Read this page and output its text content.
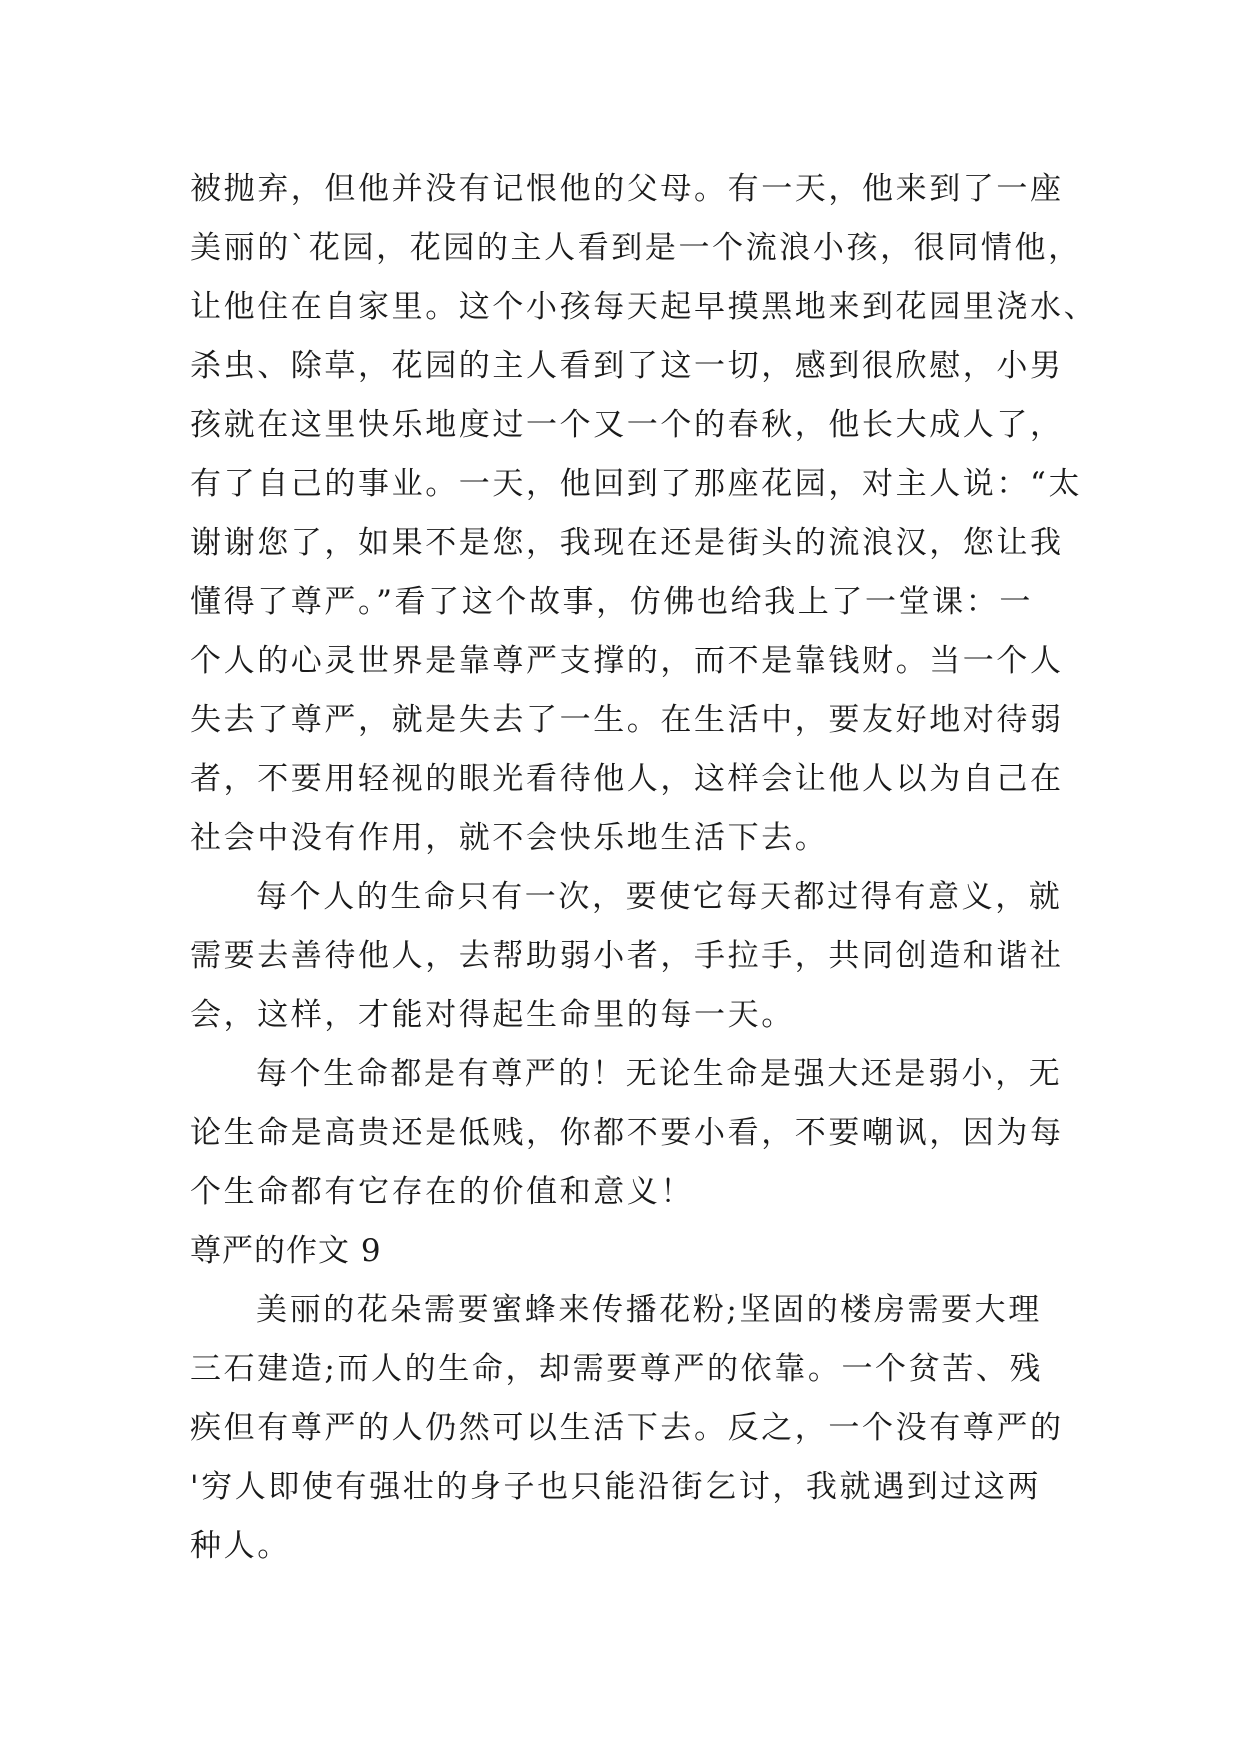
被抛弃，但他并没有记恨他的父母。有一天，他来到了一座
美丽的`花园，花园的主人看到是一个流浪小孩，很同情他，
让他住在自家里。这个小孩每天起早摸黑地来到花园里浇水、
杀虫、除草，花园的主人看到了这一切，感到很欣慰，小男
孩就在这里快乐地度过一个又一个的春秋，他长大成人了，
有了自己的事业。一天，他回到了那座花园，对主人说：“太
谢谢您了，如果不是您，我现在还是街头的流浪汉，您让我
懂得了尊严。”看了这个故事，仿佛也给我上了一堂课：一
个人的心灵世界是靠尊严支撑的，而不是靠钱财。当一个人
失去了尊严，就是失去了一生。在生活中，要友好地对待弱
者，不要用轻视的眼光看待他人，这样会让他人以为自己在
社会中没有作用，就不会快乐地生活下去。
每个人的生命只有一次，要使它每天都过得有意义，就
需要去善待他人，去帮助弱小者，手拉手，共同创造和谐社
会，这样，才能对得起生命里的每一天。
每个生命都是有尊严的！无论生命是强大还是弱小，无
论生命是高贵还是低贱，你都不要小看，不要嘲讽，因为每
个生命都有它存在的价值和意义！
尊严的作文 9
美丽的花朵需要蜜蜂来传播花粉;坚固的楼房需要大理
三石建造;而人的生命，却需要尊严的依靠。一个贫苦、残
疾但有尊严的人仍然可以生活下去。反之，一个没有尊严的
'穷人即使有强壮的身子也只能沿街乞讨，我就遇到过这两
种人。
